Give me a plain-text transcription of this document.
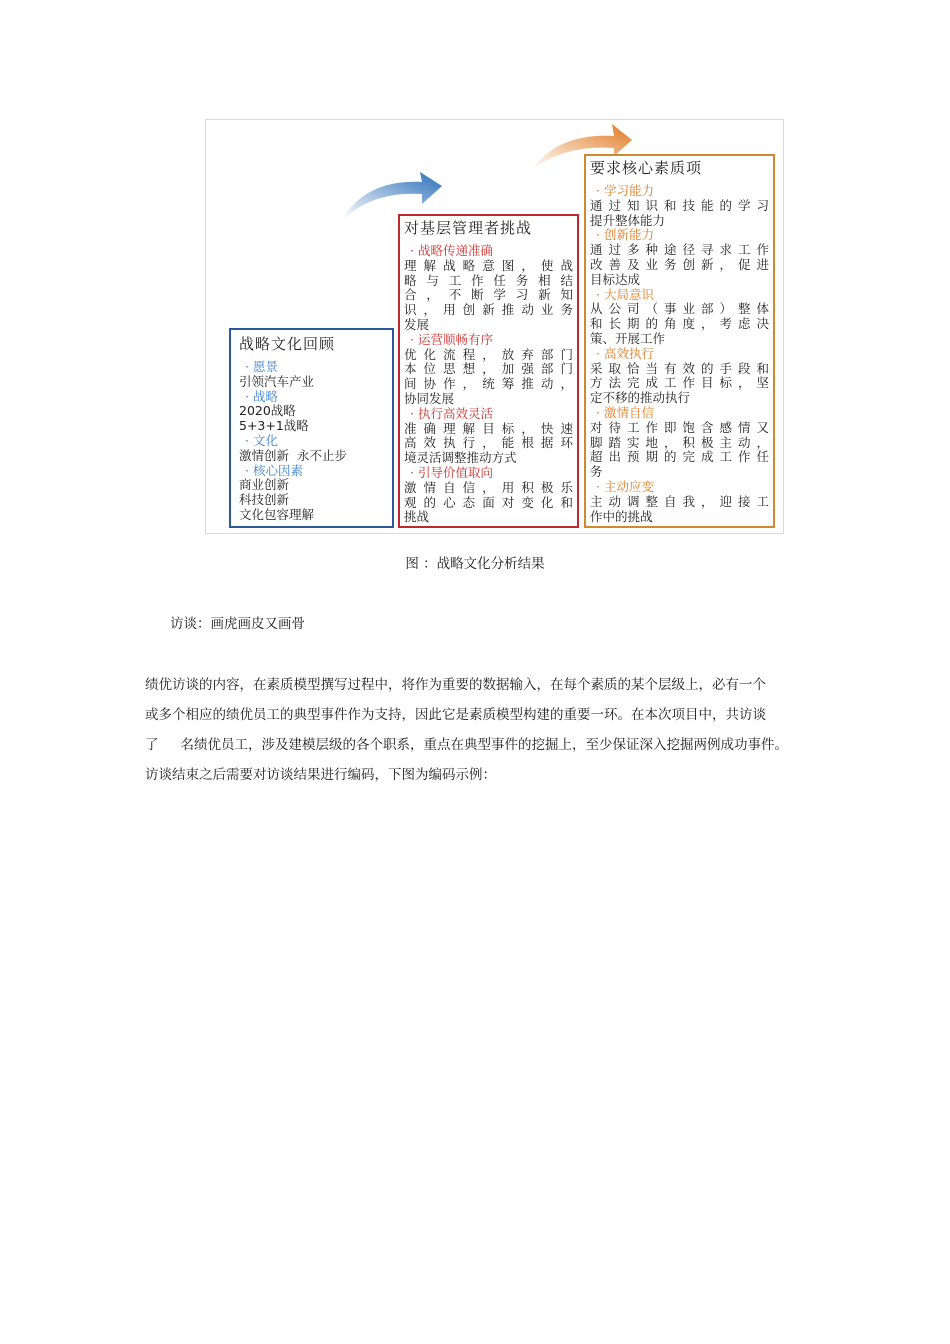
战略文化回顾
· 愿景
引领汽车产业
· 战略
2020战略
5+3+1战略
· 文化
激情创新  永不止步
· 核心因素
商业创新
科技创新
文化包容理解
对基层管理者挑战
· 战略传递准确
理解战略意图，使战
略与工作任务相结
合，不断学习新知
识，用创新推动业务
发展
· 运营顺畅有序
优化流程，放弃部门
本位思想，加强部门
间协作，统筹推动，
协同发展
· 执行高效灵活
准确理解目标，快速
高效执行，能根据环
境灵活调整推动方式
· 引导价值取向
激情自信，用积极乐
观的心态面对变化和
挑战
要求核心素质项
· 学习能力
通过知识和技能的学习
提升整体能力
· 创新能力
通过多种途径寻求工作
改善及业务创新，促进
目标达成
· 大局意识
从公司（事业部）整体
和长期的角度，考虑决
策、开展工作
· 高效执行
采取恰当有效的手段和
方法完成工作目标，坚
定不移的推动执行
· 激情自信
对待工作即饱含感情又
脚踏实地，积极主动，
超出预期的完成工作任
务
· 主动应变
主动调整自我，迎接工
作中的挑战
图 ：战略文化分析结果
访谈：画虎画皮又画骨
绩优访谈的内容，在素质模型撰写过程中，将作为重要的数据输入，在每个素质的某个层级上，必有一个
或多个相应的绩优员工的典型事件作为支持，因此它是素质模型构建的重要一环。在本次项目中，共访谈
了 名绩优员工，涉及建模层级的各个职系，重点在典型事件的挖掘上，至少保证深入挖掘两例成功事件。
访谈结束之后需要对访谈结果进行编码，下图为编码示例：
